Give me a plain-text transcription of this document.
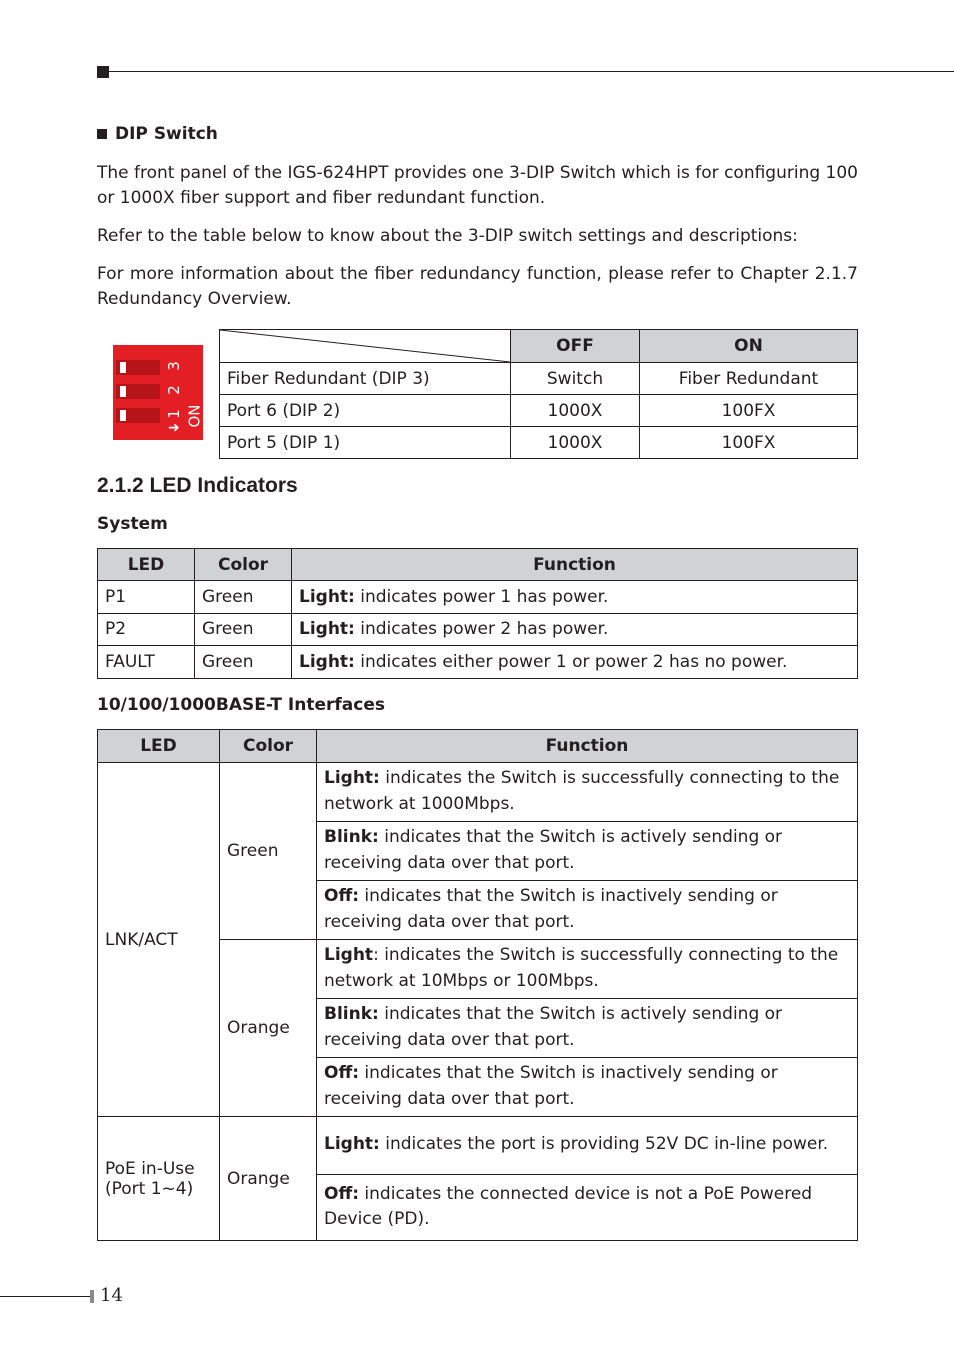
DIP Switch

The front panel of the IGS-624HPT provides one 3-DIP Switch which is for configuring 100 or 1000X fiber support and fiber redundant function.

Refer to the table below to know about the 3-DIP switch settings and descriptions:

For more information about the fiber redundancy function, please refer to Chapter 2.1.7 Redundancy Overview.

2.1.2 LED Indicators
System
10/100/1000BASE-T Interfaces
3
2
1 ON
➜
	OFF	ON
Fiber Redundant (DIP 3)	Switch	Fiber Redundant
Port 6 (DIP 2)	1000X	100FX
Port 5 (DIP 1)	1000X	100FX
LED	Color	Function
P1	Green	Light: indicates power 1 has power.
P2	Green	Light: indicates power 2 has power.
FAULT	Green	Light: indicates either power 1 or power 2 has no power.
LED	Color	Function
LNK/ACT	Green	Light: indicates the Switch is successfully connecting to the network at 1000Mbps.
		Blink: indicates that the Switch is actively sending or receiving data over that port.
		Off: indicates that the Switch is inactively sending or receiving data over that port.
	Orange	Light: indicates the Switch is successfully connecting to the network at 10Mbps or 100Mbps.
		Blink: indicates that the Switch is actively sending or receiving data over that port.
		Off: indicates that the Switch is inactively sending or receiving data over that port.
PoE in-Use
(Port 1~4)	Orange	Light: indicates the port is providing 52V DC in-line power.
		Off: indicates the connected device is not a PoE Powered Device (PD).
14
